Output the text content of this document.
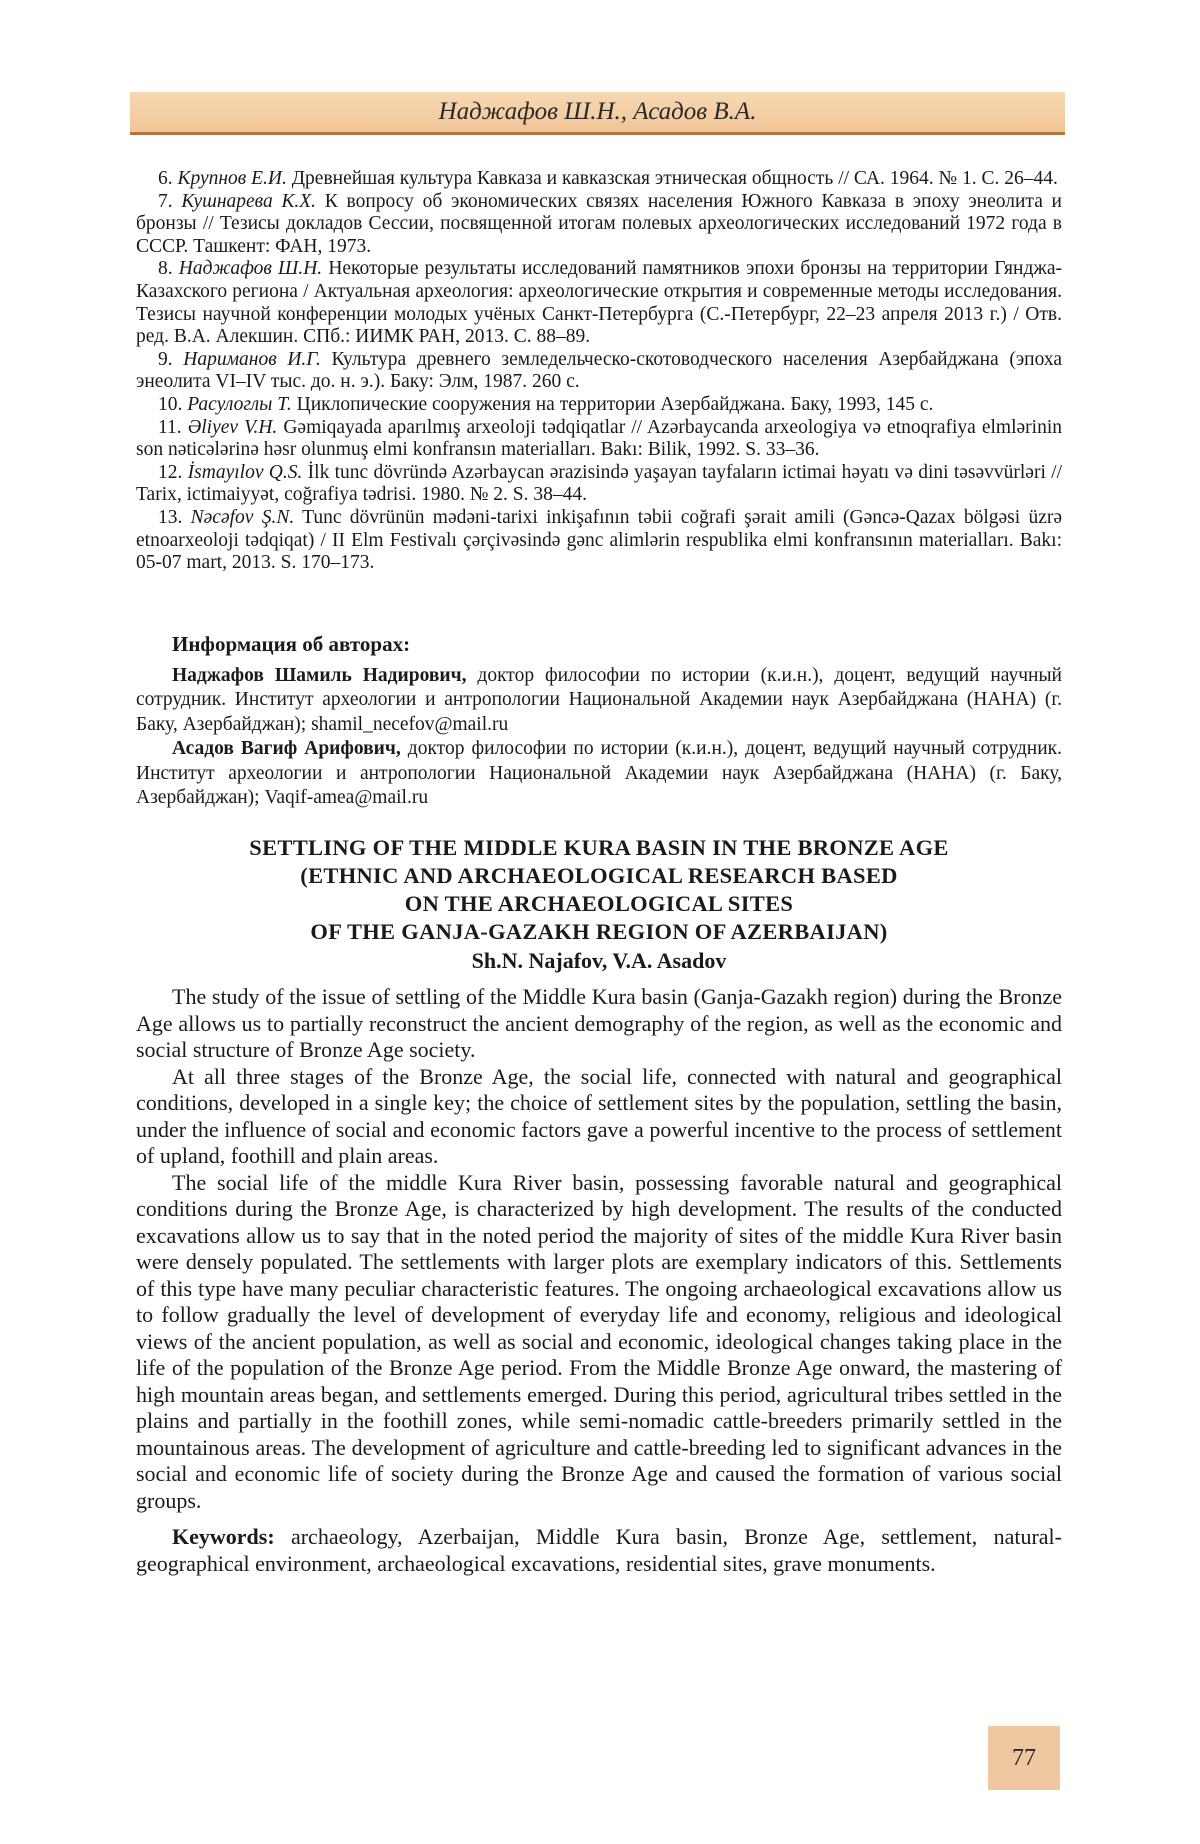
Наджафов Ш.Н., Асадов В.А.

6. Крупнов Е.И. Древнейшая культура Кавказа и кавказская этническая общность // СА. 1964. № 1. С. 26–44.

7. Кушнарева К.Х. К вопросу об экономических связях населения Южного Кавказа в эпоху энеолита и бронзы // Тезисы докладов Сессии, посвященной итогам полевых археологических исследований 1972 года в СССР. Ташкент: ФАН, 1973.

8. Наджафов Ш.Н. Некоторые результаты исследований памятников эпохи бронзы на территории Гянджа-Казахского региона / Актуальная археология: археологические открытия и современные методы исследования. Тезисы научной конференции молодых учёных Санкт-Петербурга (С.-Петербург, 22–23 апреля 2013 г.) / Отв. ред. В.А. Алекшин. СПб.: ИИМК РАН, 2013. С. 88–89.

9. Нариманов И.Г. Культура древнего земледельческо-скотоводческого населения Азербайджана (эпоха энеолита VI–IV тыс. до. н. э.). Баку: Элм, 1987. 260 с.

10. Расулоглы Т. Циклопические сооружения на территории Азербайджана. Баку, 1993, 145 с.

11. Əliyev V.H. Gəmiqayada aparılmış arxeoloji tədqiqatlar // Azərbaycanda arxeologiya və etnoqrafiya elmlərinin son nəticələrinə həsr olunmuş elmi konfransın materialları. Bakı: Bilik, 1992. S. 33–36.

12. İsmayılov Q.S. İlk tunc dövründə Azərbaycan ərazisində yaşayan tayfaların ictimai həyatı və dini təsəvvürləri // Tarix, ictimaiyyət, coğrafiya tədrisi. 1980. № 2. S. 38–44.

13. Nəcəfov Ş.N. Tunc dövrünün mədəni-tarixi inkişafının təbii coğrafi şərait amili (Gəncə-Qazax bölgəsi üzrə etnoarxeoloji tədqiqat) / II Elm Festivalı çərçivəsində gənc alimlərin respublika elmi konfransının materialları. Bakı: 05-07 mart, 2013. S. 170–173.

Информация об авторах:

Наджафов Шамиль Надирович, доктор философии по истории (к.и.н.), доцент, ведущий научный сотрудник. Институт археологии и антропологии Национальной Академии наук Азербайджана (НАНА) (г. Баку, Азербайджан); shamil_necefov@mail.ru

Асадов Вагиф Арифович, доктор философии по истории (к.и.н.), доцент, ведущий научный сотрудник. Институт археологии и антропологии Национальной Академии наук Азербайджана (НАНА) (г. Баку, Азербайджан); Vaqif-amea@mail.ru

SETTLING OF THE MIDDLE KURA BASIN IN THE BRONZE AGE
(ETHNIC AND ARCHAEOLOGICAL RESEARCH BASED
ON THE ARCHAEOLOGICAL SITES
OF THE GANJA-GAZAKH REGION OF AZERBAIJAN)
Sh.N. Najafov, V.A. Asadov

The study of the issue of settling of the Middle Kura basin (Ganja-Gazakh region) during the Bronze Age allows us to partially reconstruct the ancient demography of the region, as well as the economic and social structure of Bronze Age society.

At all three stages of the Bronze Age, the social life, connected with natural and geographical conditions, developed in a single key; the choice of settlement sites by the population, settling the basin, under the influence of social and economic factors gave a powerful incentive to the process of settlement of upland, foothill and plain areas.

The social life of the middle Kura River basin, possessing favorable natural and geographical conditions during the Bronze Age, is characterized by high development. The results of the conducted excavations allow us to say that in the noted period the majority of sites of the middle Kura River basin were densely populated. The settlements with larger plots are exemplary indicators of this. Settlements of this type have many peculiar characteristic features. The ongoing archaeological excavations allow us to follow gradually the level of development of everyday life and economy, religious and ideological views of the ancient population, as well as social and economic, ideological changes taking place in the life of the population of the Bronze Age period. From the Middle Bronze Age onward, the mastering of high mountain areas began, and settlements emerged. During this period, agricultural tribes settled in the plains and partially in the foothill zones, while semi-nomadic cattle-breeders primarily settled in the mountainous areas. The development of agriculture and cattle-breeding led to significant advances in the social and economic life of society during the Bronze Age and caused the formation of various social groups.

Keywords: archaeology, Azerbaijan, Middle Kura basin, Bronze Age, settlement, natural-geographical environment, archaeological excavations, residential sites, grave monuments.

77
